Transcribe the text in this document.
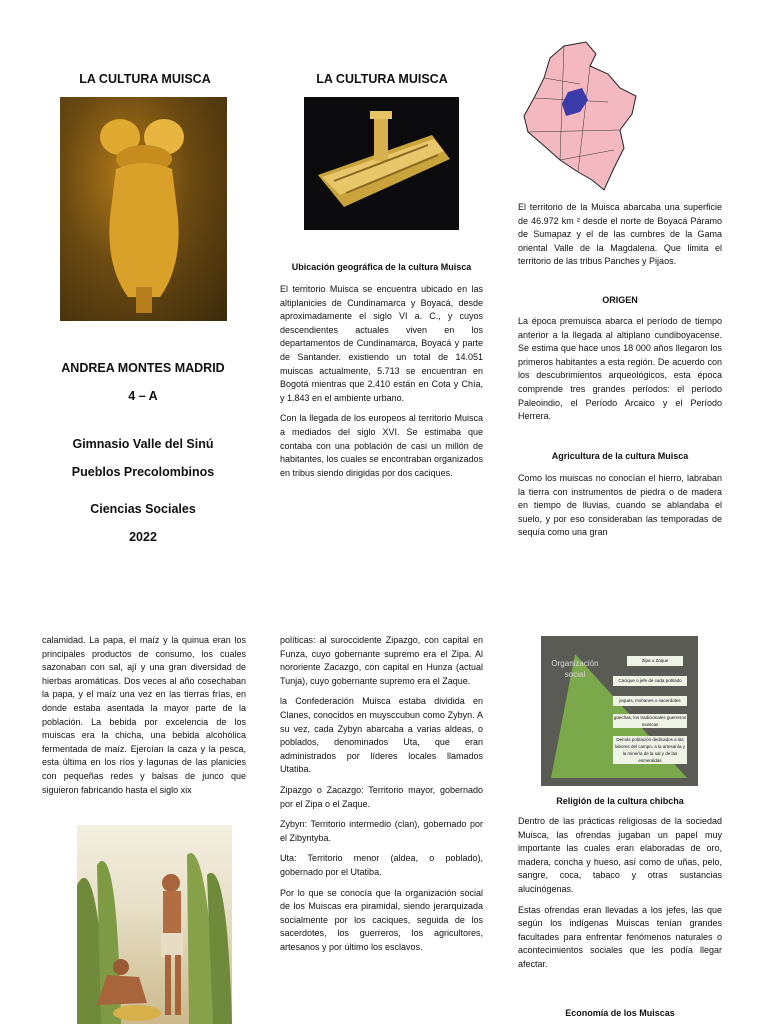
LA CULTURA MUISCA
ANDREA MONTES MADRID
4 – A
Gimnasio Valle del Sinú
Pueblos Precolombinos
Ciencias Sociales
2022
LA CULTURA MUISCA
Ubicación geográfica de la cultura Muisca

El territorio Muisca se encuentra ubicado en las altiplanicies de Cundinamarca y Boyacá, desde aproximadamente el siglo VI a. C., y cuyos descendientes actuales viven en los departamentos de Cundinamarca, Boyacá y parte de Santander. existiendo un total de 14.051 muiscas actualmente, 5.713 se encuentran en Bogotá mientras que 2.410 están en Cota y Chía, y 1.843 en el ambiente urbano.

Con la llegada de los europeos al territorio Muisca a mediados del siglo XVI. Se estimaba que contaba con una población de casi un millón de habitantes, los cuales se encontraban organizados en tribus siendo dirigidas por dos caciques.

El territorio de la Muisca abarcaba una superficie de 46.972 km ² desde el norte de Boyacá Páramo de Sumapaz y el de las cumbres de la Gama oriental Valle de la Magdalena. Que limita el territorio de las tribus Panches y Pijaos.

ORIGEN

La época premuisca abarca el período de tiempo anterior a la llegada al altiplano cundiboyacense. Se estima que hace unos 18 000 años llegaron los primeros habitantes a esta región. De acuerdo con los descubrimientos arqueológicos, esta época comprende tres grandes períodos: el período Paleoindio, el Período Arcaico y el Período Herrera.

Agricultura de la cultura Muisca

Como los muiscas no conocían el hierro, labraban la tierra con instrumentos de piedra o de madera en tiempo de lluvias, cuando se ablandaba el suelo, y por eso consideraban las temporadas de sequía como una gran

calamidad. La papa, el maíz y la quinua eran los principales productos de consumo, los cuales sazonaban con sal, ají y una gran diversidad de hierbas aromáticas. Dos veces al año cosechaban la papa, y el maíz una vez en las tierras frías, en donde estaba asentada la mayor parte de la población. La bebida por excelencia de los muiscas era la chicha, una bebida alcohólica fermentada de maíz. Ejercían la caza y la pesca, esta última en los ríos y lagunas de las planicies con pequeñas redes y balsas de junco que siguieron fabricando hasta el siglo xix

políticas: al suroccidente Zipazgo, con capital en Funza, cuyo gobernante supremo era el Zipa. Al nororiente Zacazgo, con capital en Hunza (actual Tunja), cuyo gobernante supremo era el Zaque.

la Confederación Muisca estaba dividida en Clanes, conocidos en muysccubun como Zybyn. A su vez, cada Zybyn abarcaba a varias aldeas, o poblados, denominados Uta, que eran administrados por líderes locales llamados Utatiba.

Zipazgo o Zacazgo: Territorio mayor, gobernado por el Zipa o el Zaque.

Zybyn: Territorio intermedio (clan), gobernado por el Zibyntyba.

Uta: Territorio menor (aldea, o poblado), gobernado por el Utatiba.

Por lo que se conocía que la organización social de los Muiscas era piramidal, siendo jerarquizada socialmente por los caciques, seguida de los sacerdotes, los guerreros, los agricultores, artesanos y por último los esclavos.

Organización social
Zipa o Zaque
Cacique o jefe de cada poblado
jeques, mohanes o sacerdotes
güechas, los tradicionales guerreros muiscas
Demás población dedicados a las labores del campo, a la artesanía y la minería de la sal y de las esmeraldas
Religión de la cultura chibcha

Dentro de las prácticas religiosas de la sociedad Muisca, las ofrendas jugaban un papel muy importante las cuales eran elaboradas de oro, madera, concha y hueso, así como de uñas, pelo, sangre, coca, tabaco y otras sustancias alucinógenas.

Estas ofrendas eran llevadas a los jefes, las que según los indígenas Muiscas tenían grandes facultades para enfrentar fenómenos naturales o acontecimientos sociales que les podía llegar afectar.

Economía de los Muiscas
